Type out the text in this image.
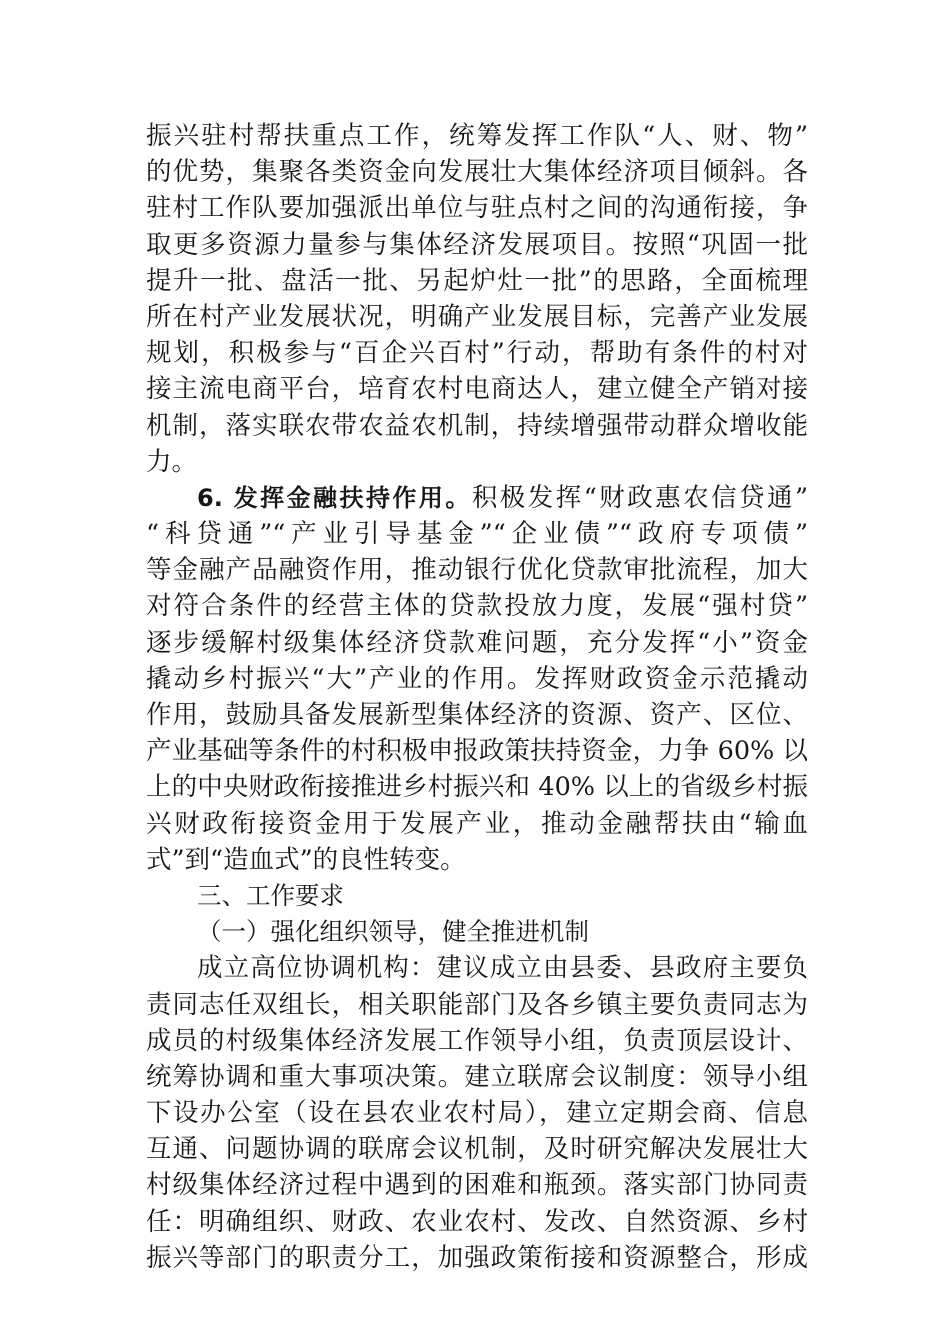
振兴驻村帮扶重点工作，统筹发挥工作队“人、财、物”
的优势，集聚各类资金向发展壮大集体经济项目倾斜。各
驻村工作队要加强派出单位与驻点村之间的沟通衔接，争
取更多资源力量参与集体经济发展项目。按照“巩固一批
提升一批、盘活一批、另起炉灶一批”的思路，全面梳理
所在村产业发展状况，明确产业发展目标，完善产业发展
规划，积极参与“百企兴百村”行动，帮助有条件的村对
接主流电商平台，培育农村电商达人，建立健全产销对接
机制，落实联农带农益农机制，持续增强带动群众增收能
力。
6. 发挥金融扶持作用。积极发挥“财政惠农信贷通”
“科贷通”“产业引导基金”“企业债”“政府专项债”
等金融产品融资作用，推动银行优化贷款审批流程，加大
对符合条件的经营主体的贷款投放力度，发展“强村贷”
逐步缓解村级集体经济贷款难问题，充分发挥“小”资金
撬动乡村振兴“大”产业的作用。发挥财政资金示范撬动
作用，鼓励具备发展新型集体经济的资源、资产、区位、
产业基础等条件的村积极申报政策扶持资金，力争 60% 以
上的中央财政衔接推进乡村振兴和 40% 以上的省级乡村振
兴财政衔接资金用于发展产业，推动金融帮扶由“输血
式”到“造血式”的良性转变。
三、工作要求
（一）强化组织领导，健全推进机制
成立高位协调机构：建议成立由县委、县政府主要负
责同志任双组长，相关职能部门及各乡镇主要负责同志为
成员的村级集体经济发展工作领导小组，负责顶层设计、
统筹协调和重大事项决策。建立联席会议制度：领导小组
下设办公室（设在县农业农村局），建立定期会商、信息
互通、问题协调的联席会议机制，及时研究解决发展壮大
村级集体经济过程中遇到的困难和瓶颈。落实部门协同责
任：明确组织、财政、农业农村、发改、自然资源、乡村
振兴等部门的职责分工，加强政策衔接和资源整合，形成
